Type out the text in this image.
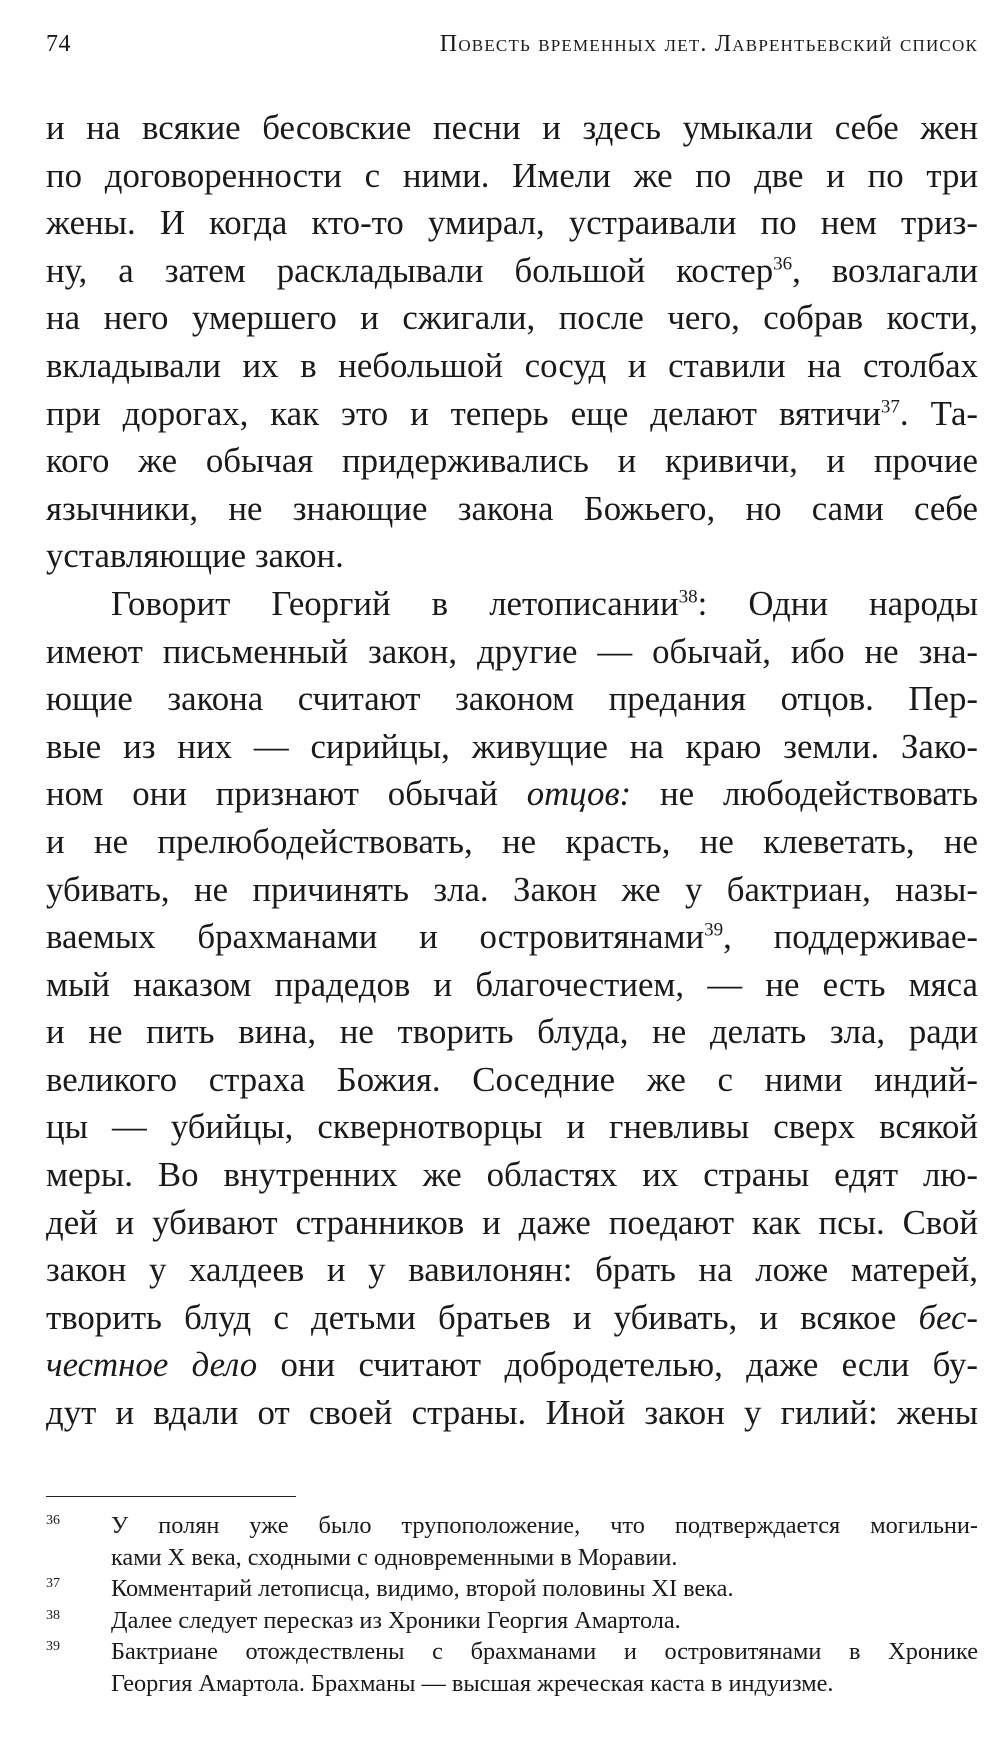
74	Повесть временных лет. Лаврентьевский список
и на всякие бесовские песни и здесь умыкали себе жен
по договоренности с ними. Имели же по две и по три
жены. И когда кто-то умирал, устраивали по нем триз-
ну, а затем раскладывали большой костер$^{36}$, возлагали
на него умершего и сжигали, после чего, собрав кости,
вкладывали их в небольшой сосуд и ставили на столбах
при дорогах, как это и теперь еще делают вятичи$^{37}$. Та-
кого же обычая придерживались и кривичи, и прочие
язычники, не знающие закона Божьего, но сами себе
уставляющие закон.
Говорит Георгий в летописании$^{38}$: Одни народы
имеют письменный закон, другие — обычай, ибо не зна-
ющие закона считают законом предания отцов. Пер-
вые из них — сирийцы, живущие на краю земли. Зако-
ном они признают обычай отцов: не любодействовать
и не прелюбодействовать, не красть, не клеветать, не
убивать, не причинять зла. Закон же у бактриан, назы-
ваемых брахманами и островитянами$^{39}$, поддерживае-
мый наказом прадедов и благочестием, — не есть мяса
и не пить вина, не творить блуда, не делать зла, ради
великого страха Божия. Соседние же с ними индий-
цы — убийцы, сквернотворцы и гневливы сверх всякой
меры. Во внутренних же областях их страны едят лю-
дей и убивают странников и даже поедают как псы. Свой
закон у халдеев и у вавилонян: брать на ложе матерей,
творить блуд с детьми братьев и убивать, и всякое бес-
честное дело они считают добродетелью, даже если бу-
дут и вдали от своей страны. Иной закон у гилий: жены
36 У полян уже было трупоположение, что подтверждается могильни-
ками X века, сходными с одновременными в Моравии.
37 Комментарий летописца, видимо, второй половины XI века.
38 Далее следует пересказ из Хроники Георгия Амартола.
39 Бактриане отождествлены с брахманами и островитянами в Хронике
Георгия Амартола. Брахманы — высшая жреческая каста в индуизме.
